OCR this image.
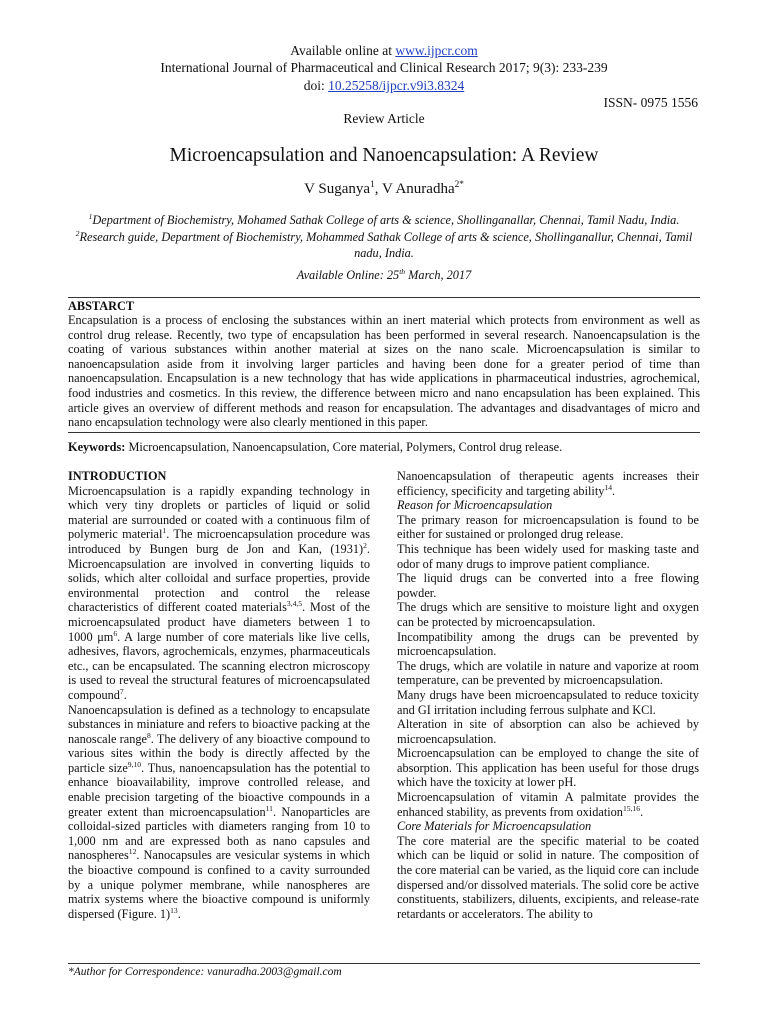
Available online at www.ijpcr.com
International Journal of Pharmaceutical and Clinical Research 2017; 9(3): 233-239
doi: 10.25258/ijpcr.v9i3.8324
ISSN- 0975 1556
Review Article
Microencapsulation and Nanoencapsulation: A Review
V Suganya$^1$, V Anuradha$^{2*}$
$^1$Department of Biochemistry, Mohamed Sathak College of arts & science, Shollinganallar, Chennai, Tamil Nadu, India.
$^2$Research guide, Department of Biochemistry, Mohammed Sathak College of arts & science, Shollinganallur, Chennai, Tamil nadu, India.
Available Online: 25th March, 2017
ABSTARCT
Encapsulation is a process of enclosing the substances within an inert material which protects from environment as well as control drug release. Recently, two type of encapsulation has been performed in several research. Nanoencapsulation is the coating of various substances within another material at sizes on the nano scale. Microencapsulation is similar to nanoencapsulation aside from it involving larger particles and having been done for a greater period of time than nanoencapsulation. Encapsulation is a new technology that has wide applications in pharmaceutical industries, agrochemical, food industries and cosmetics. In this review, the difference between micro and nano encapsulation has been explained. This article gives an overview of different methods and reason for encapsulation. The advantages and disadvantages of micro and nano encapsulation technology were also clearly mentioned in this paper.
Keywords: Microencapsulation, Nanoencapsulation, Core material, Polymers, Control drug release.

INTRODUCTION

Microencapsulation is a rapidly expanding technology in which very tiny droplets or particles of liquid or solid material are surrounded or coated with a continuous film of polymeric material$^1$. The microencapsulation procedure was introduced by Bungen burg de Jon and Kan, $(1931)^2$. Microencapsulation are involved in converting liquids to solids, which alter colloidal and surface properties, provide environmental protection and control the release characteristics of different coated materials$^{3,4,5}$. Most of the microencapsulated product have diameters between 1 to 1000 $\mu m^6$. A large number of core materials like live cells, adhesives, flavors, agrochemicals, enzymes, pharmaceuticals etc., can be encapsulated. The scanning electron microscopy is used to reveal the structural features of microencapsulated compound$^7$.

Nanoencapsulation is defined as a technology to encapsulate substances in miniature and refers to bioactive packing at the nanoscale range$^8$. The delivery of any bioactive compound to various sites within the body is directly affected by the particle size$^{9,10}$. Thus, nanoencapsulation has the potential to enhance bioavailability, improve controlled release, and enable precision targeting of the bioactive compounds in a greater extent than microencapsulation$^{11}$. Nanoparticles are colloidal-sized particles with diameters ranging from 10 to 1,000 nm and are expressed both as nano capsules and nanospheres$^{12}$. Nanocapsules are vesicular systems in which the bioactive compound is confined to a cavity surrounded by a unique polymer membrane, while nanospheres are matrix systems where the bioactive compound is uniformly dispersed (Figure. 1)$^{13}$.

Nanoencapsulation of therapeutic agents increases their efficiency, specificity and targeting ability$^{14}$.

Reason for Microencapsulation

The primary reason for microencapsulation is found to be either for sustained or prolonged drug release.

This technique has been widely used for masking taste and odor of many drugs to improve patient compliance.

The liquid drugs can be converted into a free flowing powder.

The drugs which are sensitive to moisture light and oxygen can be protected by microencapsulation.

Incompatibility among the drugs can be prevented by microencapsulation.

The drugs, which are volatile in nature and vaporize at room temperature, can be prevented by microencapsulation.

Many drugs have been microencapsulated to reduce toxicity and GI irritation including ferrous sulphate and KCl.

Alteration in site of absorption can also be achieved by microencapsulation.

Microencapsulation can be employed to change the site of absorption. This application has been useful for those drugs which have the toxicity at lower pH.

Microencapsulation of vitamin A palmitate provides the enhanced stability, as prevents from oxidation$^{15,16}$.

Core Materials for Microencapsulation

The core material are the specific material to be coated which can be liquid or solid in nature. The composition of the core material can be varied, as the liquid core can include dispersed and/or dissolved materials. The solid core be active constituents, stabilizers, diluents, excipients, and release-rate retardants or accelerators. The ability to

*Author for Correspondence: vanuradha.2003@gmail.com
